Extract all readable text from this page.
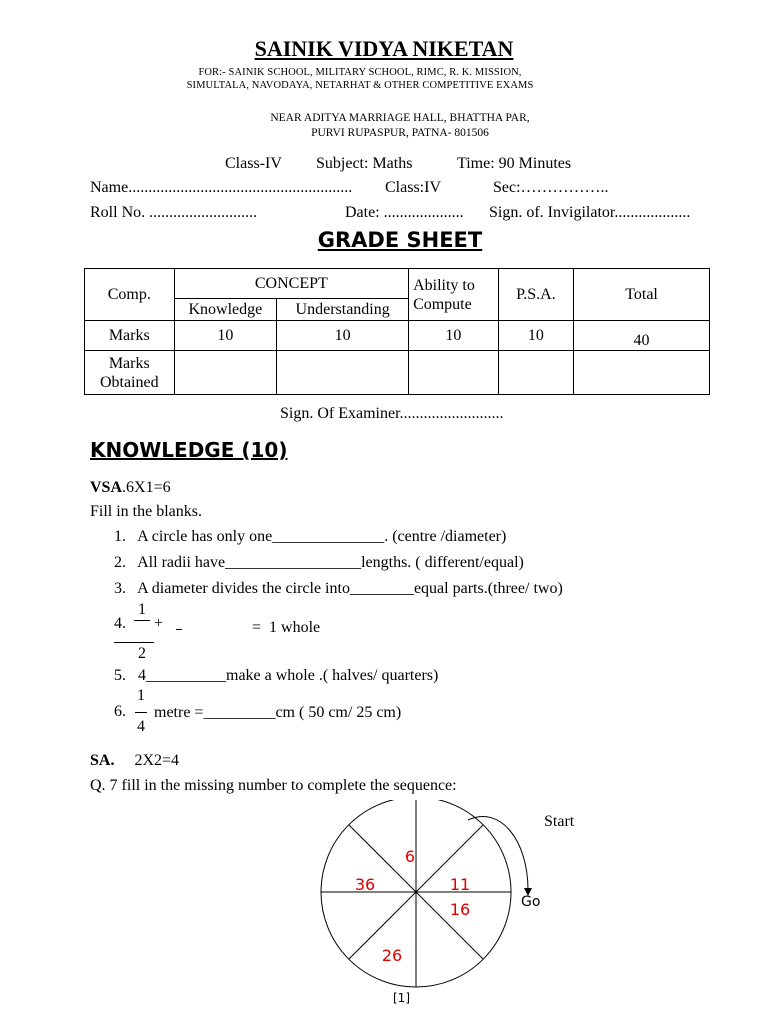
SAINIK VIDYA NIKETAN
FOR:- SAINIK SCHOOL, MILITARY SCHOOL, RIMC, R. K. MISSION,
SIMULTALA, NAVODAYA, NETARHAT & OTHER COMPETITIVE EXAMS
NEAR ADITYA MARRIAGE HALL, BHATTHA PAR,
PURVI RUPASPUR, PATNA- 801506
Class-IV Subject: Maths	Time: 90 Minutes
Name........................................................ Class:IV	Sec:……………..
Roll No. ...........................	Date: .................... Sign. of. Invigilator...................
GRADE SHEET
Comp.	CONCEPT		Ability to Compute	P.S.A.	Total
	Knowledge	Understanding			
Marks	10	10	10	10	40
Marks Obtained					
Sign. Of Examiner..........................
KNOWLEDGE (10)
VSA.6X1=6
Fill in the blanks.
1.   A circle has only one______________. (centre /diameter)
2.   All radii have_________________lengths. ( different/equal)
3.   A diameter divides the circle into________equal parts.(three/ two)
4.
1
2
+	=  1 whole
5.   4__________make a whole .( halves/ quarters)
6.
1
4
metre =_________cm ( 50 cm/ 25 cm)
SA. 2X2=4
Q. 7 fill in the missing number to complete the sequence:
6
36	11
16
26
Start
Go
[1]
